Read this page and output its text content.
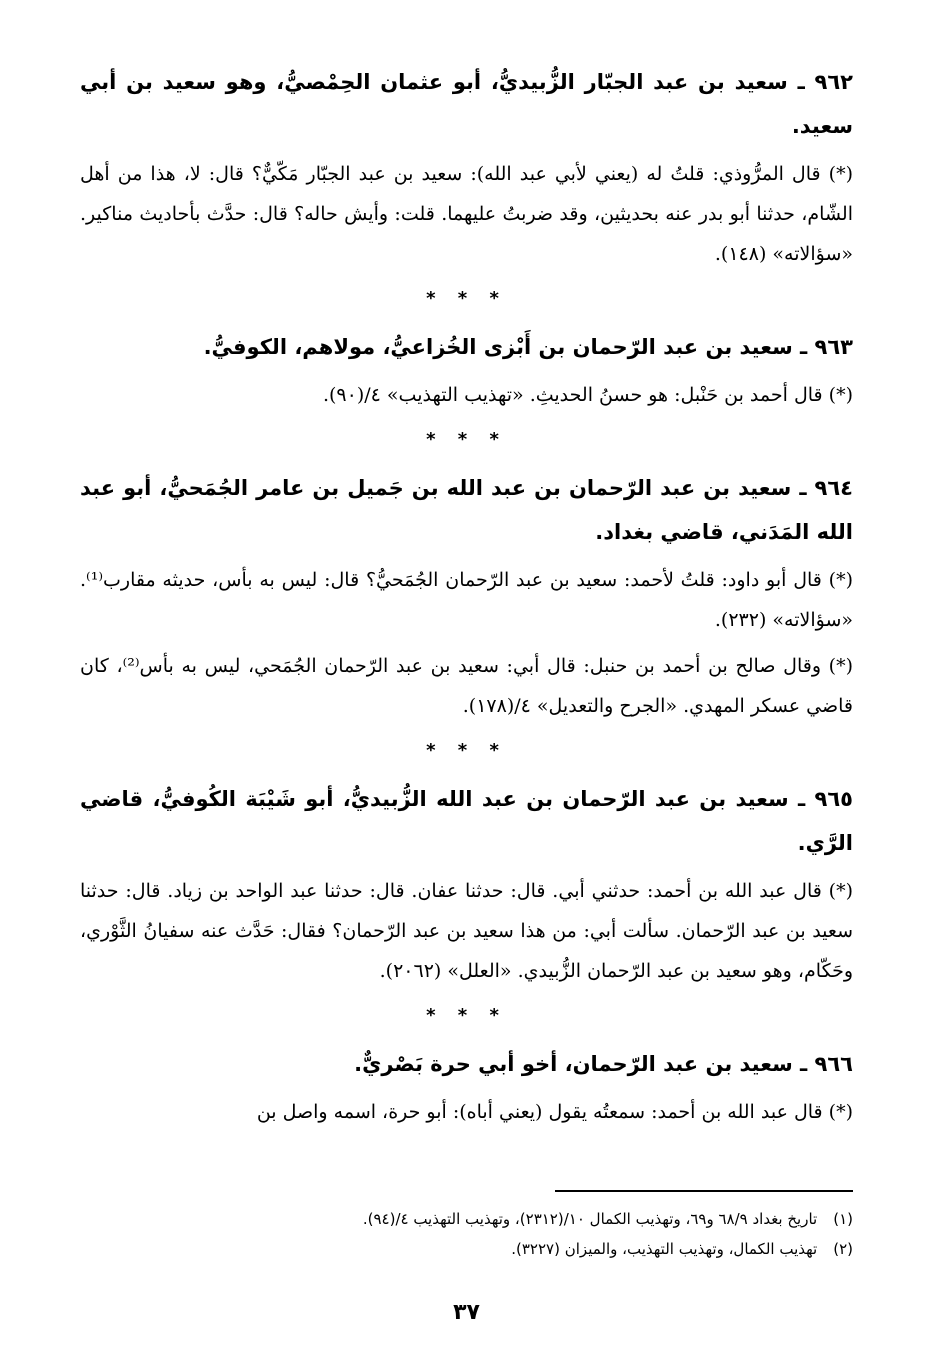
٩٦٢ ـ سعيد بن عبد الجبّار الزُّبيديُّ، أبو عثمان الحِمْصيُّ، وهو سعيد بن أبي سعيد.
(*) قال المرُّوذي: قلتُ له (يعني لأبي عبد الله): سعيد بن عبد الجبّار مَكّيٌّ؟ قال: لا، هذا من أهل الشّام، حدثنا أبو بدر عنه بحديثين، وقد ضربتُ عليهما. قلت: وأيش حاله؟ قال: حدَّث بأحاديث مناكير. «سؤالاته» (١٤٨).
* * *
٩٦٣ ـ سعيد بن عبد الرّحمان بن أَبْزى الخُزاعيُّ، مولاهم، الكوفيُّ.
(*) قال أحمد بن حَنْبل: هو حسنُ الحديثِ. «تهذيب التهذيب» ٤/(٩٠).
* * *
٩٦٤ ـ سعيد بن عبد الرّحمان بن عبد الله بن جَميل بن عامر الجُمَحيُّ، أبو عبد الله المَدَني، قاضي بغداد.
(*) قال أبو داود: قلتُ لأحمد: سعيد بن عبد الرّحمان الجُمَحيُّ؟ قال: ليس به بأس، حديثه مقارب⁽¹⁾. «سؤالاته» (٢٣٢).
(*) وقال صالح بن أحمد بن حنبل: قال أبي: سعيد بن عبد الرّحمان الجُمَحي، ليس به بأس⁽²⁾، كان قاضي عسكر المهدي. «الجرح والتعديل» ٤/(١٧٨).
* * *
٩٦٥ ـ سعيد بن عبد الرّحمان بن عبد الله الزُّبيديُّ، أبو شَيْبَة الكُوفيُّ، قاضي الرَّي.
(*) قال عبد الله بن أحمد: حدثني أبي. قال: حدثنا عفان. قال: حدثنا عبد الواحد بن زياد. قال: حدثنا سعيد بن عبد الرّحمان. سألت أبي: من هذا سعيد بن عبد الرّحمان؟ فقال: حَدَّث عنه سفيانُ الثَّوْري، وحَكّام، وهو سعيد بن عبد الرّحمان الزُّبيدي. «العلل» (٢٠٦٢).
* * *
٩٦٦ ـ سعيد بن عبد الرّحمان، أخو أبي حرة بَصْريٌّ.
(*) قال عبد الله بن أحمد: سمعتُه يقول (يعني أباه): أبو حرة، اسمه واصل بن
(١)تاريخ بغداد ٦٨/٩ و٦٩، وتهذيب الكمال ١٠/(٢٣١٢)، وتهذيب التهذيب ٤/(٩٤).
(٢)تهذيب الكمال، وتهذيب التهذيب، والميزان (٣٢٢٧).
٣٧
